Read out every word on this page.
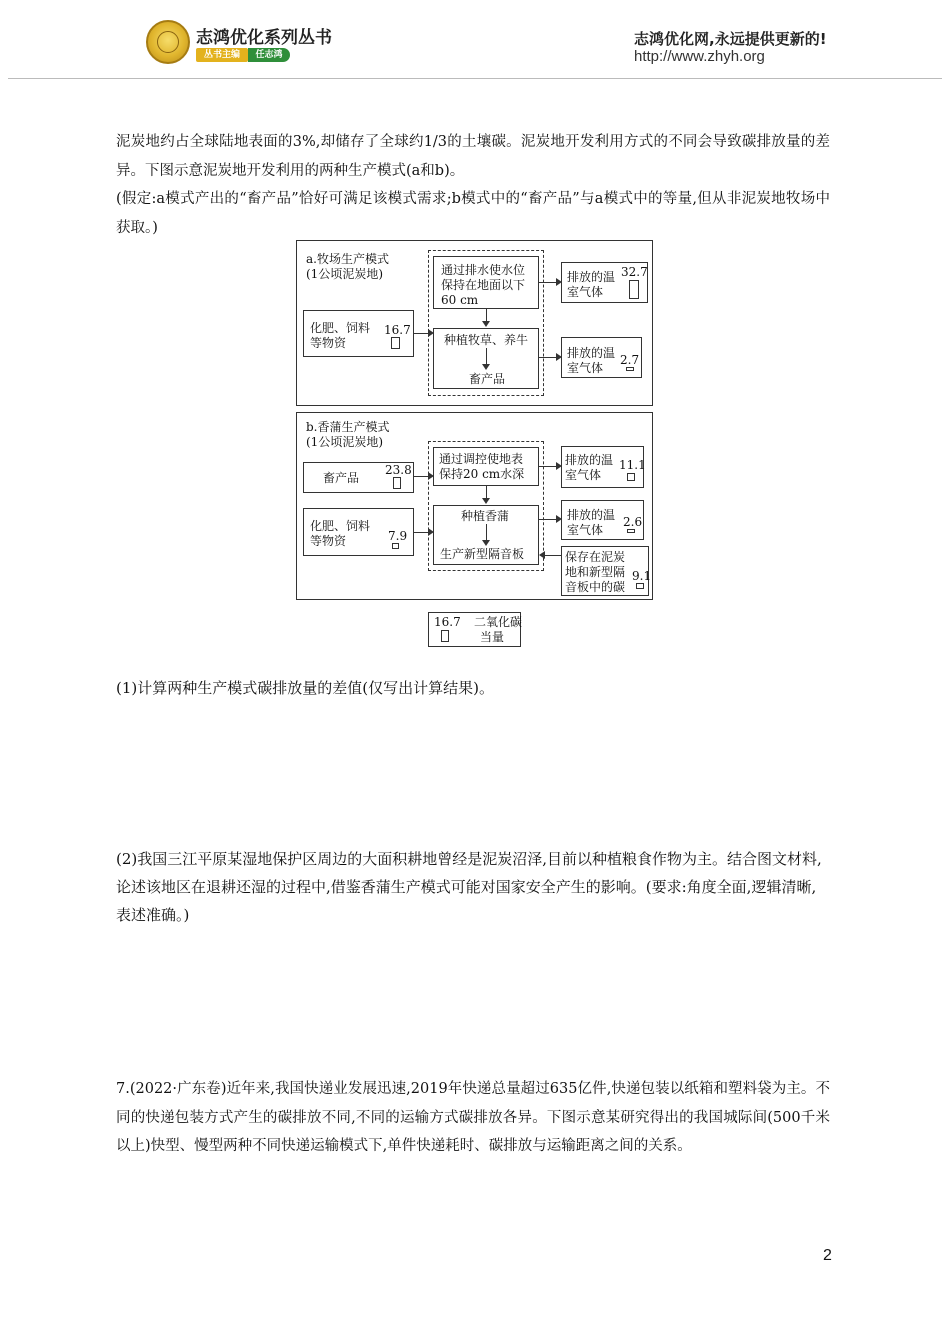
志鸿优化系列丛书
丛书主编	任志鸿
志鸿优化网,永远提供更新的!
http://www.zhyh.org

泥炭地约占全球陆地表面的3%,却储存了全球约1/3的土壤碳。泥炭地开发利用方式的不同会导致碳排放量的差异。下图示意泥炭地开发利用的两种生产模式(a和b)。

(假定:a模式产出的“畜产品”恰好可满足该模式需求;b模式中的“畜产品”与a模式中的等量,但从非泥炭地牧场中获取。)

a.牧场生产模式
(1公顷泥炭地)
化肥、饲料
等物资
16.7
通过排水使水位
保持在地面以下
60 cm
种植牧草、养牛
畜产品
排放的温
室气体
32.7
排放的温
室气体
2.7
b.香蒲生产模式
(1公顷泥炭地)
畜产品
23.8
化肥、饲料
等物资	7.9
通过调控使地表
保持20 cm水深
种植香蒲
生产新型隔音板
排放的温
室气体
11.1
排放的温
室气体
2.6
保存在泥炭
地和新型隔
音板中的碳
9.1
16.7 二氧化碳
当量

(1)计算两种生产模式碳排放量的差值(仅写出计算结果)。

(2)我国三江平原某湿地保护区周边的大面积耕地曾经是泥炭沼泽,目前以种植粮食作物为主。结合图文材料,论述该地区在退耕还湿的过程中,借鉴香蒲生产模式可能对国家安全产生的影响。(要求:角度全面,逻辑清晰,表述准确。)

7.(2022·广东卷)近年来,我国快递业发展迅速,2019年快递总量超过635亿件,快递包装以纸箱和塑料袋为主。不同的快递包装方式产生的碳排放不同,不同的运输方式碳排放各异。下图示意某研究得出的我国城际间(500千米以上)快型、慢型两种不同快递运输模式下,单件快递耗时、碳排放与运输距离之间的关系。

2
